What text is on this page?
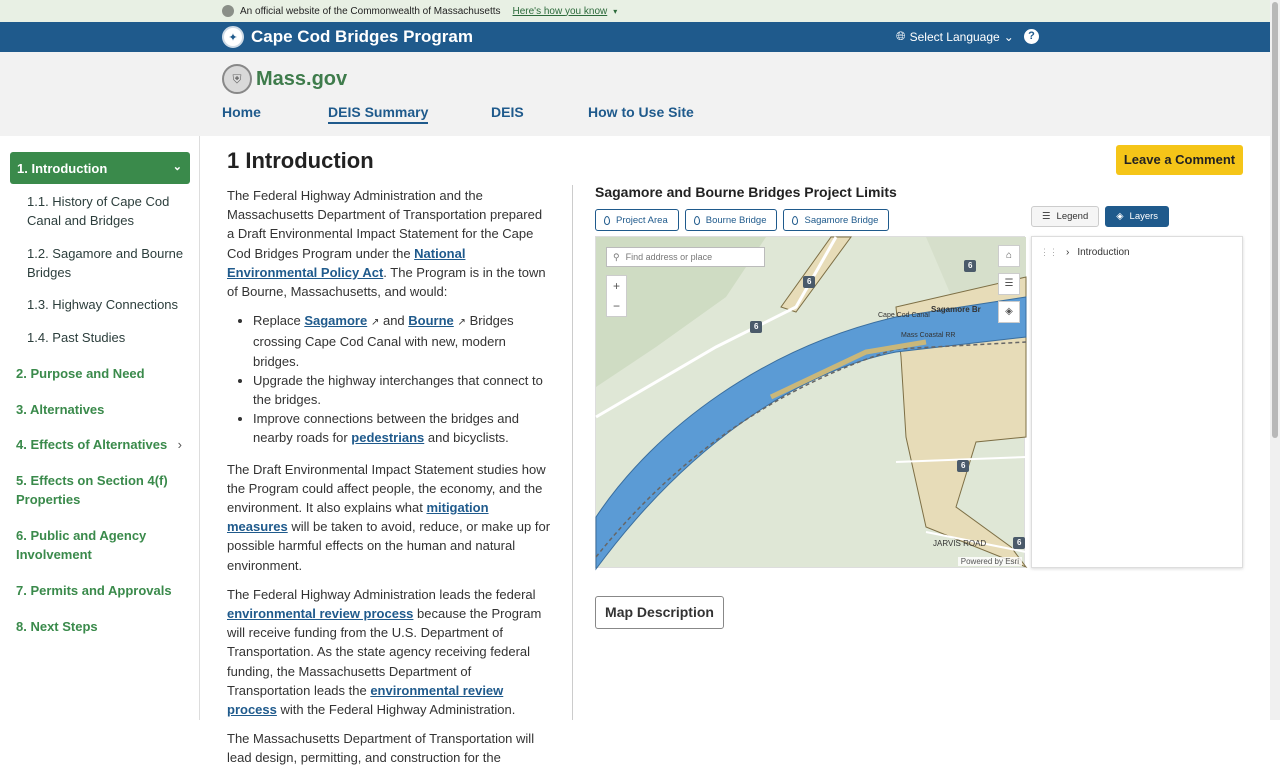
An official website of the Commonwealth of Massachusetts Here's how you know ▾
✦ Cape Cod Bridges Program	🌐︎ Select Language ⌄	?
⛨ Mass.gov
Home	DEIS Summary	DEIS	How to Use Site
1. Introduction	⌄
1.1. History of Cape Cod Canal and Bridges
1.2. Sagamore and Bourne Bridges
1.3. Highway Connections
1.4. Past Studies
2. Purpose and Need
3. Alternatives
4. Effects of Alternatives ›
5. Effects on Section 4(f) Properties
6. Public and Agency Involvement
7. Permits and Approvals
8. Next Steps
1 Introduction

The Federal Highway Administration and the Massachusetts Department of Transportation prepared a Draft Environmental Impact Statement for the Cape Cod Bridges Program under the National Environmental Policy Act. The Program is in the town of Bourne, Massachusetts, and would:

• Replace Sagamore ↗ and Bourne ↗ Bridges crossing Cape Cod Canal with new, modern bridges.
• Upgrade the highway interchanges that connect to the bridges.
• Improve connections between the bridges and nearby roads for pedestrians and bicyclists.

The Draft Environmental Impact Statement studies how the Program could affect people, the economy, and the environment. It also explains what mitigation measures will be taken to avoid, reduce, or make up for possible harmful effects on the human and natural environment.

The Federal Highway Administration leads the federal environmental review process because the Program will receive funding from the U.S. Department of Transportation. As the state agency receiving federal funding, the Massachusetts Department of Transportation leads the environmental review process with the Federal Highway Administration.

The Massachusetts Department of Transportation will lead design, permitting, and construction for the

Leave a Comment
Sagamore and Bourne Bridges Project Limits
Project Area	Bourne Bridge	Sagamore Bridge	☰ Legend	◈ Layers
6
6
6
6
6
Cape Cod Canal
Sagamore Br
Mass Coastal RR
JARVIS ROAD
⚲ Find address or place
+
−
⌂
☰
◈
Powered by Esri
⋮⋮ › Introduction
Map Description
